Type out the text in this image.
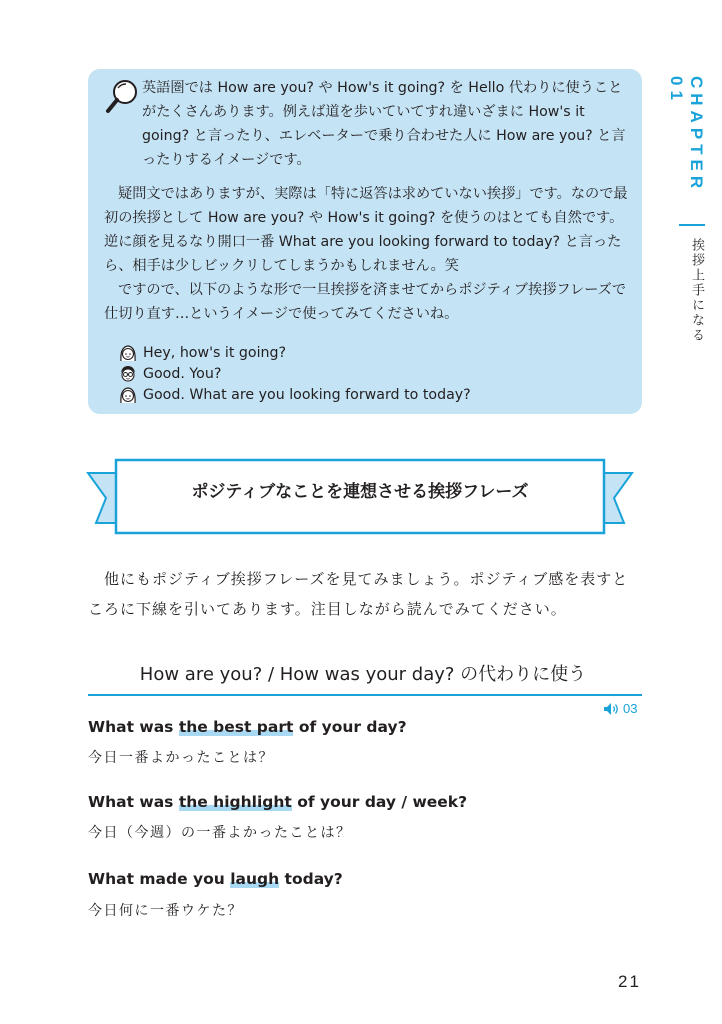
英語圏では How are you? や How's it going? を Hello 代わりに使うことがたくさんあります。例えば道を歩いていてすれ違いざまに How's it going? と言ったり、エレベーターで乗り合わせた人に How are you? と言ったりするイメージです。

疑問文ではありますが、実際は「特に返答は求めていない挨拶」です。なので最初の挨拶として How are you? や How's it going? を使うのはとても自然です。逆に顔を見るなり開口一番 What are you looking forward to today? と言ったら、相手は少しビックリしてしまうかもしれません。笑

ですので、以下のような形で一旦挨拶を済ませてからポジティブ挨拶フレーズで仕切り直す…というイメージで使ってみてくださいね。

Hey, how's it going?
Good. You?
Good. What are you looking forward to today?
CHAPTER 01
挨拶上手になる
ポジティブなことを連想させる挨拶フレーズ

他にもポジティブ挨拶フレーズを見てみましょう。ポジティブ感を表すところに下線を引いてあります。注目しながら読んでみてください。

How are you? / How was your day? の代わりに使う
03
What was the best part of your day?
今日一番よかったことは？
What was the highlight of your day / week?
今日（今週）の一番よかったことは？
What made you laugh today?
今日何に一番ウケた？
21
